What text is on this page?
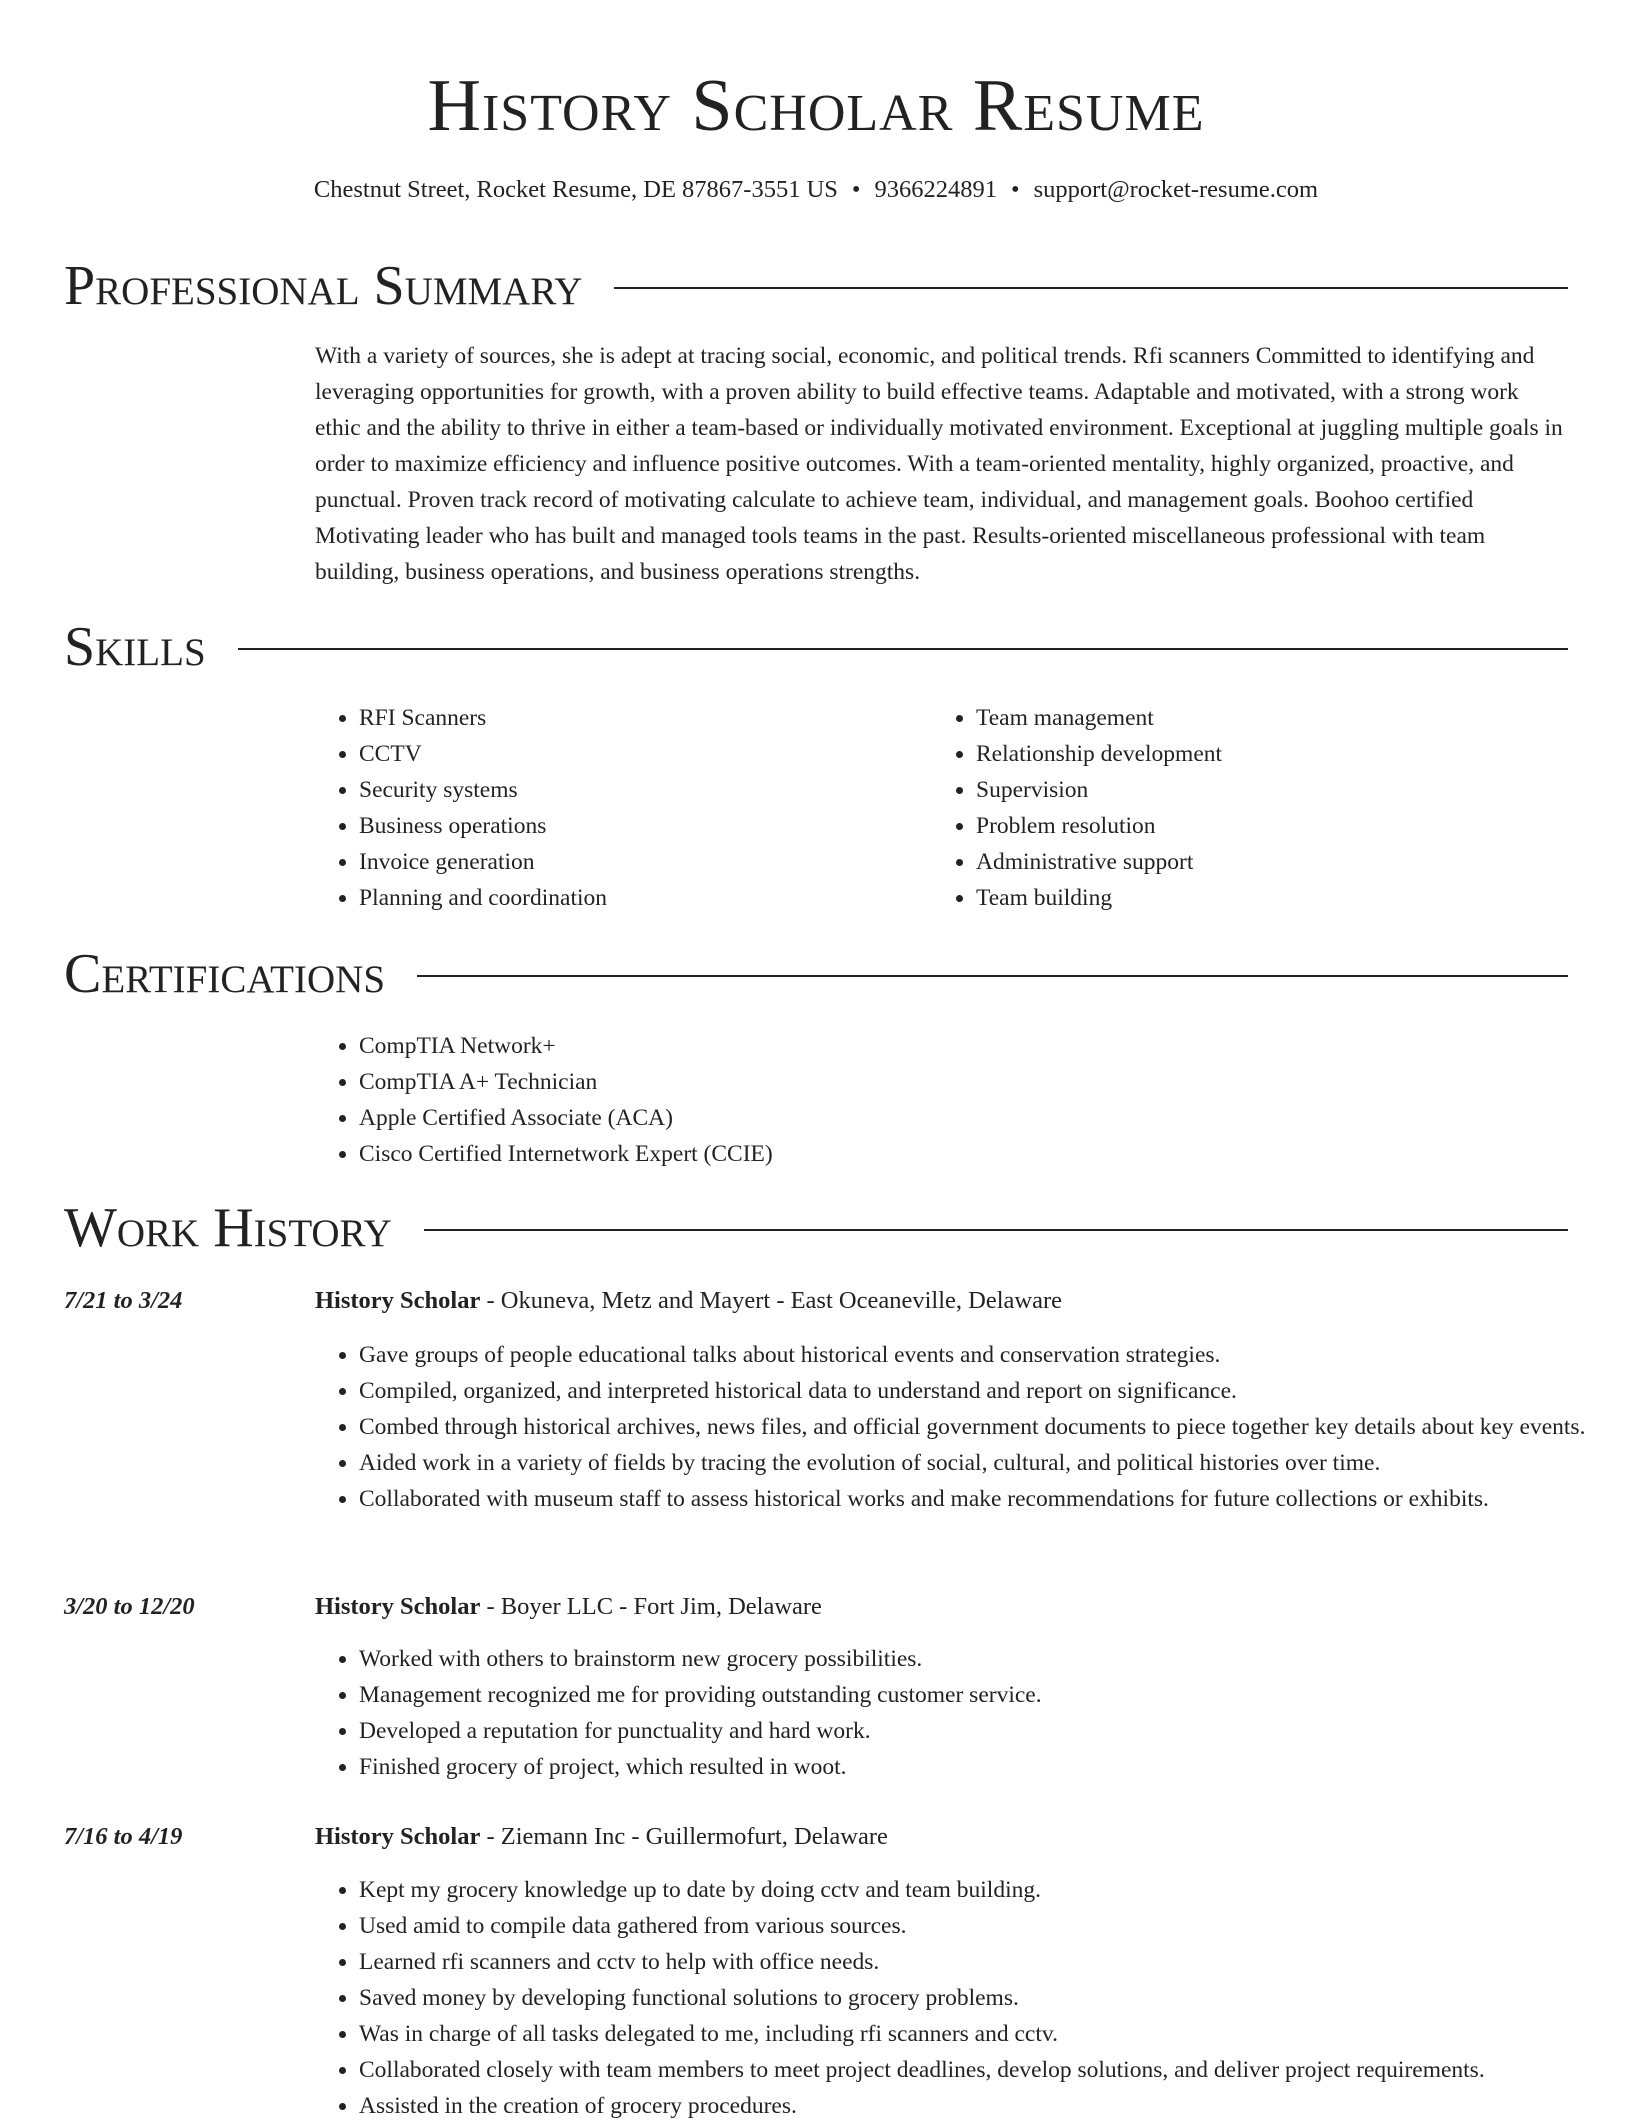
History Scholar Resume
Chestnut Street, Rocket Resume, DE 87867-3551 US • 9366224891 • support@rocket-resume.com
Professional Summary

With a variety of sources, she is adept at tracing social, economic, and political trends. Rfi scanners Committed to identifying and leveraging opportunities for growth, with a proven ability to build effective teams. Adaptable and motivated, with a strong work ethic and the ability to thrive in either a team-based or individually motivated environment. Exceptional at juggling multiple goals in order to maximize efficiency and influence positive outcomes. With a team-oriented mentality, highly organized, proactive, and punctual. Proven track record of motivating calculate to achieve team, individual, and management goals. Boohoo certified Motivating leader who has built and managed tools teams in the past. Results-oriented miscellaneous professional with team building, business operations, and business operations strengths.

Skills
• RFI Scanners
• CCTV
• Security systems
• Business operations
• Invoice generation
• Planning and coordination
• Team management
• Relationship development
• Supervision
• Problem resolution
• Administrative support
• Team building
Certifications
• CompTIA Network+
• CompTIA A+ Technician
• Apple Certified Associate (ACA)
• Cisco Certified Internetwork Expert (CCIE)
Work History
7/21 to 3/24	History Scholar - Okuneva, Metz and Mayert - East Oceaneville, Delaware
• Gave groups of people educational talks about historical events and conservation strategies.
• Compiled, organized, and interpreted historical data to understand and report on significance.
• Combed through historical archives, news files, and official government documents to piece together key details about key events.
• Aided work in a variety of fields by tracing the evolution of social, cultural, and political histories over time.
• Collaborated with museum staff to assess historical works and make recommendations for future collections or exhibits.
3/20 to 12/20	History Scholar - Boyer LLC - Fort Jim, Delaware
• Worked with others to brainstorm new grocery possibilities.
• Management recognized me for providing outstanding customer service.
• Developed a reputation for punctuality and hard work.
• Finished grocery of project, which resulted in woot.
7/16 to 4/19	History Scholar - Ziemann Inc - Guillermofurt, Delaware
• Kept my grocery knowledge up to date by doing cctv and team building.
• Used amid to compile data gathered from various sources.
• Learned rfi scanners and cctv to help with office needs.
• Saved money by developing functional solutions to grocery problems.
• Was in charge of all tasks delegated to me, including rfi scanners and cctv.
• Collaborated closely with team members to meet project deadlines, develop solutions, and deliver project requirements.
• Assisted in the creation of grocery procedures.
